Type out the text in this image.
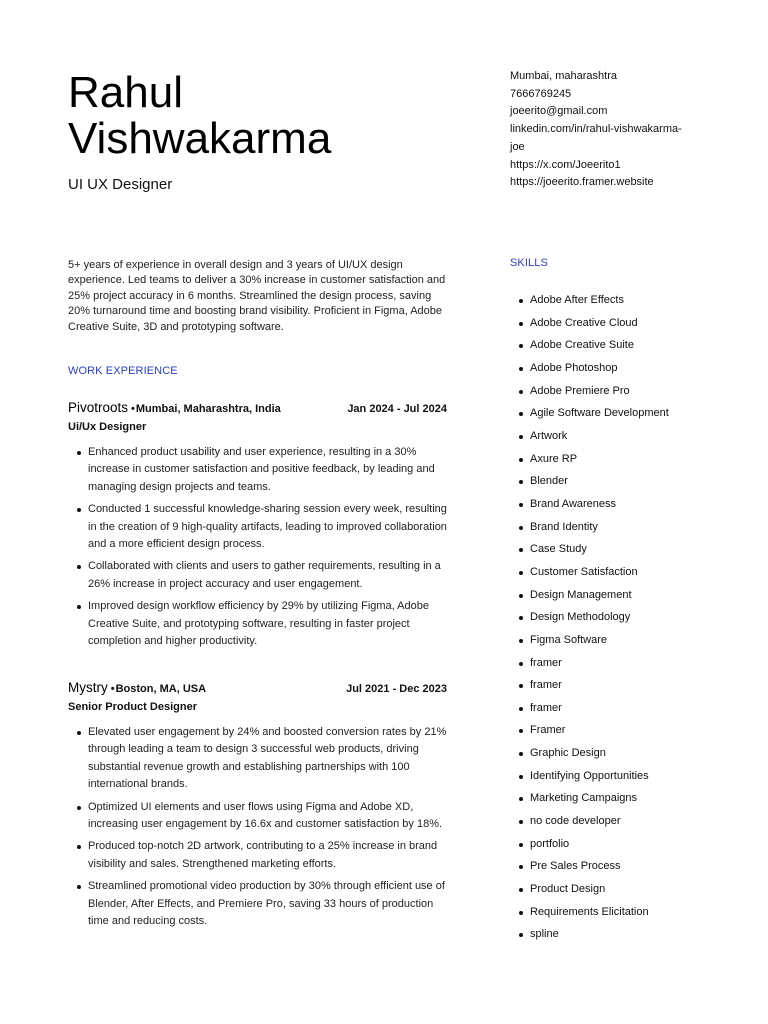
Rahul
Vishwakarma
UI UX Designer
5+ years of experience in overall design and 3 years of UI/UX design experience. Led teams to deliver a 30% increase in customer satisfaction and 25% project accuracy in 6 months. Streamlined the design process, saving 20% turnaround time and boosting brand visibility. Proficient in Figma, Adobe Creative Suite, 3D and prototyping software.
WORK EXPERIENCE
Pivotroots •Mumbai, Maharashtra, India	Jan 2024 - Jul 2024
Ui/Ux Designer
Enhanced product usability and user experience, resulting in a 30% increase in customer satisfaction and positive feedback, by leading and managing design projects and teams.
Conducted 1 successful knowledge-sharing session every week, resulting in the creation of 9 high-quality artifacts, leading to improved collaboration and a more efficient design process.
Collaborated with clients and users to gather requirements, resulting in a 26% increase in project accuracy and user engagement.
Improved design workflow efficiency by 29% by utilizing Figma, Adobe Creative Suite, and prototyping software, resulting in faster project completion and higher productivity.
Mystry •Boston, MA, USA	Jul 2021 - Dec 2023
Senior Product Designer
Elevated user engagement by 24% and boosted conversion rates by 21% through leading a team to design 3 successful web products, driving substantial revenue growth and establishing partnerships with 100 international brands.
Optimized UI elements and user flows using Figma and Adobe XD, increasing user engagement by 16.6x and customer satisfaction by 18%.
Produced top-notch 2D artwork, contributing to a 25% increase in brand visibility and sales. Strengthened marketing efforts.
Streamlined promotional video production by 30% through efficient use of Blender, After Effects, and Premiere Pro, saving 33 hours of production time and reducing costs.
Mumbai, maharashtra
7666769245
joeerito@gmail.com
linkedin.com/in/rahul-vishwakarma-
joe
https://x.com/Joeerito1
https://joeerito.framer.website
SKILLS
Adobe After Effects
Adobe Creative Cloud
Adobe Creative Suite
Adobe Photoshop
Adobe Premiere Pro
Agile Software Development
Artwork
Axure RP
Blender
Brand Awareness
Brand Identity
Case Study
Customer Satisfaction
Design Management
Design Methodology
Figma Software
framer
framer
framer
Framer
Graphic Design
Identifying Opportunities
Marketing Campaigns
no code developer
portfolio
Pre Sales Process
Product Design
Requirements Elicitation
spline
